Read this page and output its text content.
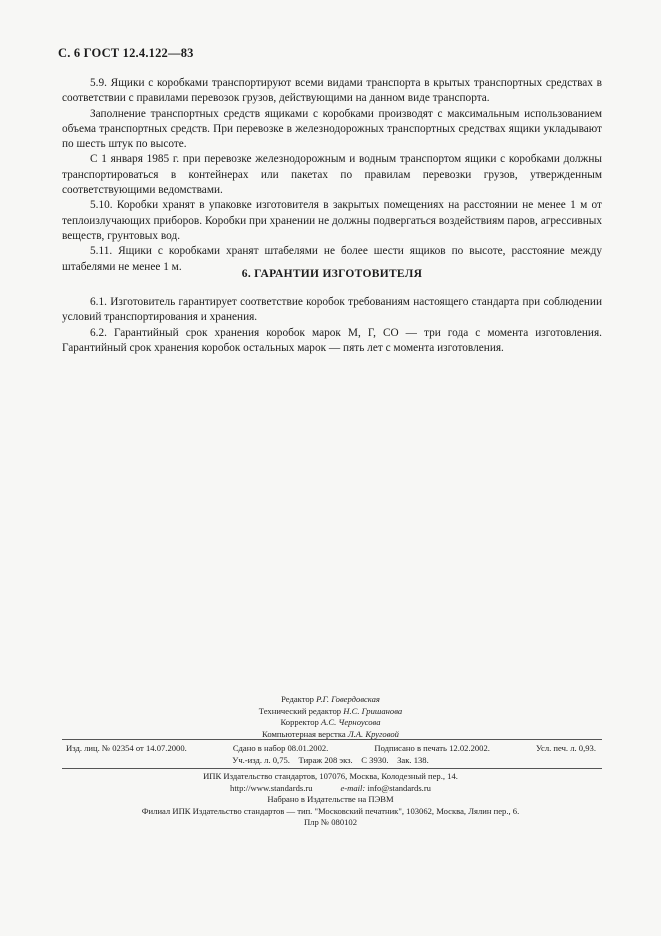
С. 6 ГОСТ 12.4.122—83

5.9. Ящики с коробками транспортируют всеми видами транспорта в крытых транспортных средствах в соответствии с правилами перевозок грузов, действующими на данном виде транспорта.

Заполнение транспортных средств ящиками с коробками производят с максимальным использованием объема транспортных средств. При перевозке в железнодорожных транспортных средствах ящики укладывают по шесть штук по высоте.

С 1 января 1985 г. при перевозке железнодорожным и водным транспортом ящики с коробками должны транспортироваться в контейнерах или пакетах по правилам перевозки грузов, утвержденным соответствующими ведомствами.

5.10. Коробки хранят в упаковке изготовителя в закрытых помещениях на расстоянии не менее 1 м от теплоизлучающих приборов. Коробки при хранении не должны подвергаться воздействиям паров, агрессивных веществ, грунтовых вод.

5.11. Ящики с коробками хранят штабелями не более шести ящиков по высоте, расстояние между штабелями не менее 1 м.

6. ГАРАНТИИ ИЗГОТОВИТЕЛЯ

6.1. Изготовитель гарантирует соответствие коробок требованиям настоящего стандарта при соблюдении условий транспортирования и хранения.

6.2. Гарантийный срок хранения коробок марок М, Г, СО — три года с момента изготовления. Гарантийный срок хранения коробок остальных марок — пять лет с момента изготовления.

Редактор Р.Г. Говердовская
Технический редактор Н.С. Гришанова
Корректор А.С. Черноусова
Компьютерная верстка Л.А. Круговой
Изд. лиц. № 02354 от 14.07.2000.	Сдано в набор 08.01.2002.	Подписано в печать 12.02.2002.	Усл. печ. л. 0,93.
Уч.-изд. л. 0,75. Тираж 208 экз. С 3930. Зак. 138.
ИПК Издательство стандартов, 107076, Москва, Колодезный пер., 14.
http://www.standards.ru	e-mail: info@standards.ru
Набрано в Издательстве на ПЭВМ
Филиал ИПК Издательство стандартов — тип. "Московский печатник", 103062, Москва, Лялин пер., 6.
Плр № 080102
